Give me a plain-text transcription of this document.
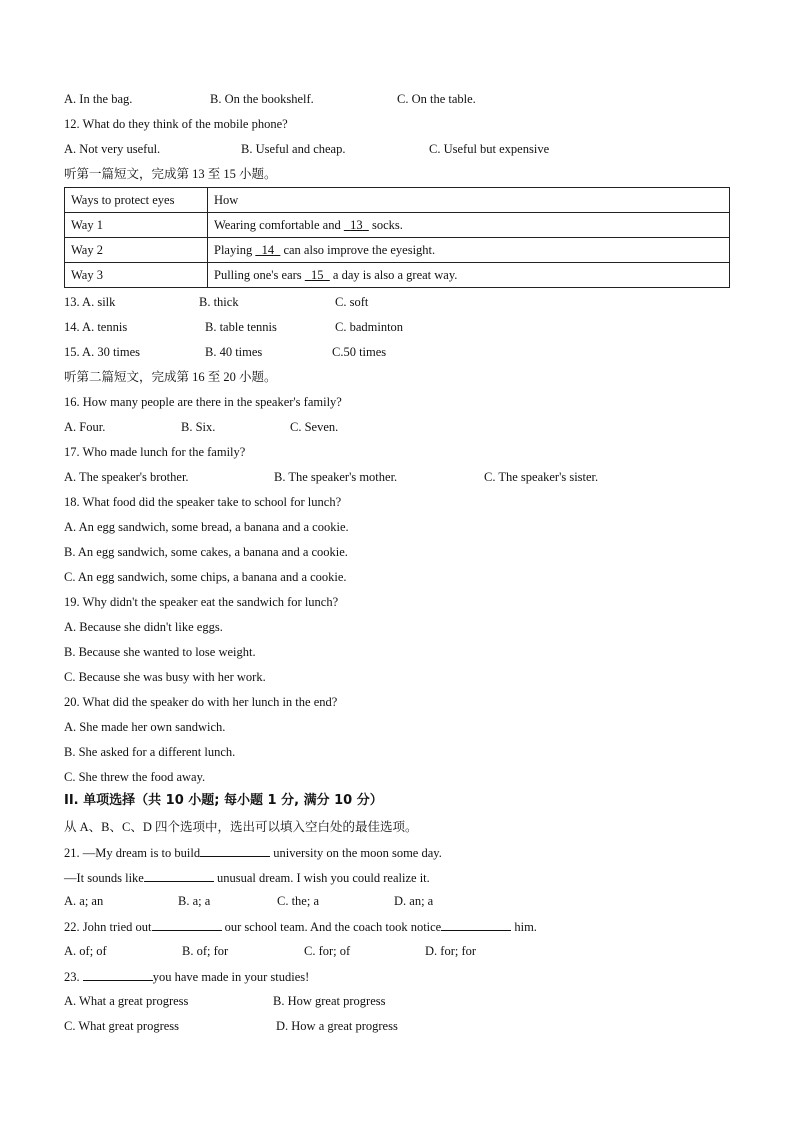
A. In the bag.	B. On the bookshelf.	C. On the table.
12. What do they think of the mobile phone?
A. Not very useful.	B. Useful and cheap.	C. Useful but expensive
听第一篇短文，完成第 13 至 15 小题。
Ways to protect eyes	How
Way 1	Wearing comfortable and   13   socks.
Way 2	Playing   14   can also improve the eyesight.
Way 3	Pulling one's ears   15   a day is also a great way.
13. A. silk	B. thick	C. soft
14. A. tennis	B. table tennis	C. badminton
15. A. 30 times	B. 40 times	C.50 times
听第二篇短文，完成第 16 至 20 小题。
16. How many people are there in the speaker's family?
A. Four.	B. Six.	C. Seven.
17. Who made lunch for the family?
A. The speaker's brother.	B. The speaker's mother.	C. The speaker's sister.
18. What food did the speaker take to school for lunch?
A. An egg sandwich, some bread, a banana and a cookie.
B. An egg sandwich, some cakes, a banana and a cookie.
C. An egg sandwich, some chips, a banana and a cookie.
19. Why didn't the speaker eat the sandwich for lunch?
A. Because she didn't like eggs.
B. Because she wanted to lose weight.
C. Because she was busy with her work.
20. What did the speaker do with her lunch in the end?
A. She made her own sandwich.
B. She asked for a different lunch.
C. She threw the food away.
II. 单项选择（共 10 小题; 每小题 1 分, 满分 10 分）
从 A、B、C、D 四个选项中，选出可以填入空白处的最佳选项。
21. —My dream is to build	university on the moon some day.
—It sounds like	unusual dream. I wish you could realize it.
A. a; an	B. a; a	C. the; a	D. an; a
22. John tried out	our school team. And the coach took notice	him.
A. of; of	B. of; for	C. for; of	D. for; for
23.	you have made in your studies!
A. What a great progress	B. How great progress
C. What great progress	D. How a great progress
